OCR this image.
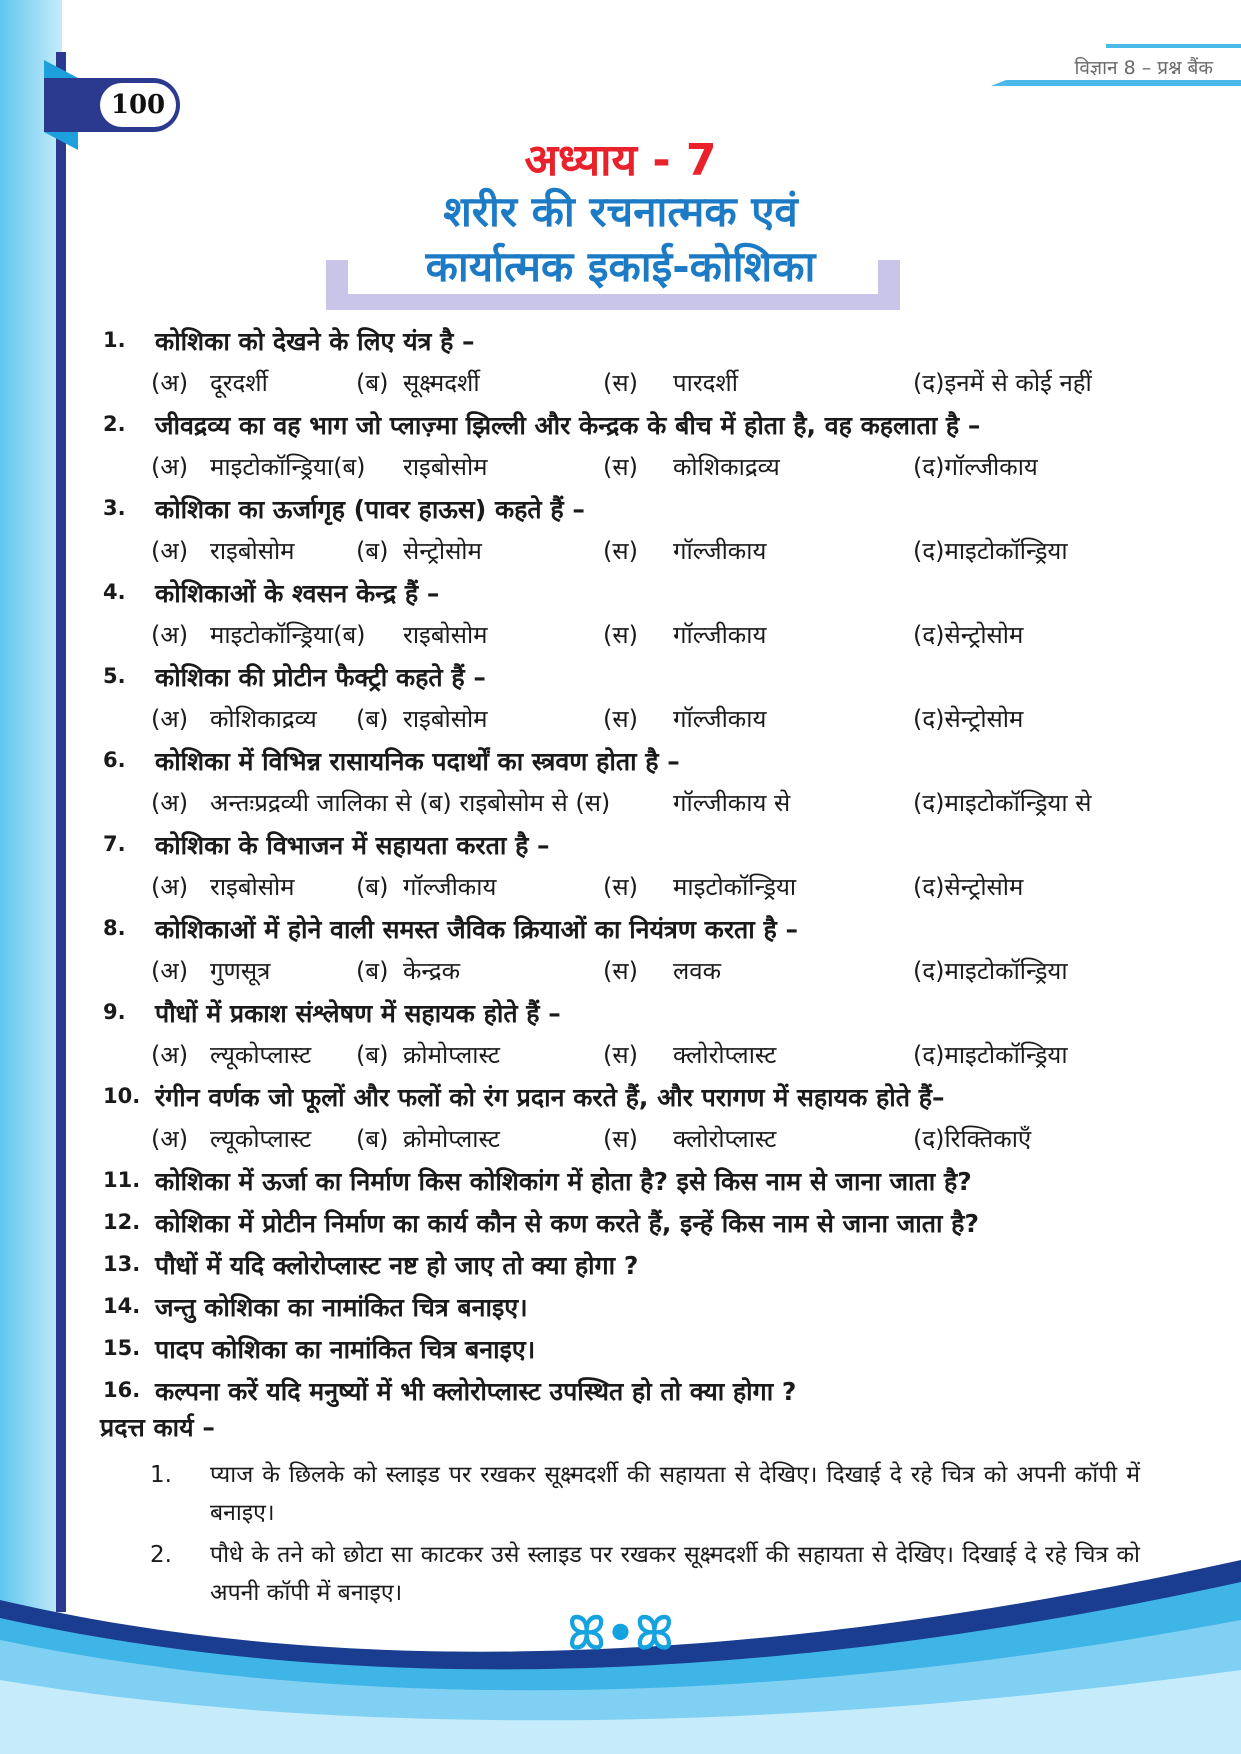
100
विज्ञान 8 – प्रश्न बैंक
अध्याय - 7
शरीर की रचनात्मक एवं
कार्यात्मक इकाई-कोशिका
1. कोशिका को देखने के लिए यंत्र है –
(अ) दूरदर्शी	(ब) सूक्ष्मदर्शी	(स) पारदर्शी	(द)इनमें से कोई नहीं
2. जीवद्रव्य का वह भाग जो प्लाज़्मा झिल्ली और केन्द्रक के बीच में होता है, वह कहलाता है –
(अ) माइटोकॉन्ड्रिया(ब) राइबोसोम	(स) कोशिकाद्रव्य	(द)गॉल्जीकाय
3. कोशिका का ऊर्जागृह (पावर हाऊस) कहते हैं –
(अ) राइबोसोम	(ब) सेन्ट्रोसोम	(स) गॉल्जीकाय	(द)माइटोकॉन्ड्रिया
4. कोशिकाओं के श्वसन केन्द्र हैं –
(अ) माइटोकॉन्ड्रिया(ब) राइबोसोम	(स) गॉल्जीकाय	(द)सेन्ट्रोसोम
5. कोशिका की प्रोटीन फैक्ट्री कहते हैं –
(अ) कोशिकाद्रव्य (ब) राइबोसोम	(स) गॉल्जीकाय	(द)सेन्ट्रोसोम
6. कोशिका में विभिन्न रासायनिक पदार्थों का स्त्रवण होता है –
(अ) अन्तःप्रद्रव्यी जालिका से (ब) राइबोसोम से (स)	गॉल्जीकाय से	(द)माइटोकॉन्ड्रिया से
7. कोशिका के विभाजन में सहायता करता है –
(अ) राइबोसोम	(ब) गॉल्जीकाय	(स) माइटोकॉन्ड्रिया	(द)सेन्ट्रोसोम
8. कोशिकाओं में होने वाली समस्त जैविक क्रियाओं का नियंत्रण करता है –
(अ) गुणसूत्र	(ब) केन्द्रक	(स) लवक	(द)माइटोकॉन्ड्रिया
9. पौधों में प्रकाश संश्लेषण में सहायक होते हैं –
(अ) ल्यूकोप्लास्ट (ब) क्रोमोप्लास्ट	(स) क्लोरोप्लास्ट	(द)माइटोकॉन्ड्रिया
10. रंगीन वर्णक जो फूलों और फलों को रंग प्रदान करते हैं, और परागण में सहायक होते हैं–
(अ) ल्यूकोप्लास्ट (ब) क्रोमोप्लास्ट	(स) क्लोरोप्लास्ट	(द)रिक्तिकाएँ
11. कोशिका में ऊर्जा का निर्माण किस कोशिकांग में होता है? इसे किस नाम से जाना जाता है?
12. कोशिका में प्रोटीन निर्माण का कार्य कौन से कण करते हैं, इन्हें किस नाम से जाना जाता है?
13. पौधों में यदि क्लोरोप्लास्ट नष्ट हो जाए तो क्या होगा ?
14. जन्तु कोशिका का नामांकित चित्र बनाइए।
15. पादप कोशिका का नामांकित चित्र बनाइए।
16. कल्पना करें यदि मनुष्यों में भी क्लोरोप्लास्ट उपस्थित हो तो क्या होगा ?
प्रदत्त कार्य –
1. प्याज के छिलके को स्लाइड पर रखकर सूक्ष्मदर्शी की सहायता से देखिए। दिखाई दे रहे चित्र को अपनी कॉपी में बनाइए।
2. पौधे के तने को छोटा सा काटकर उसे स्लाइड पर रखकर सूक्ष्मदर्शी की सहायता से देखिए। दिखाई दे रहे चित्र को अपनी कॉपी में बनाइए।
ꕤ•ꕤ
